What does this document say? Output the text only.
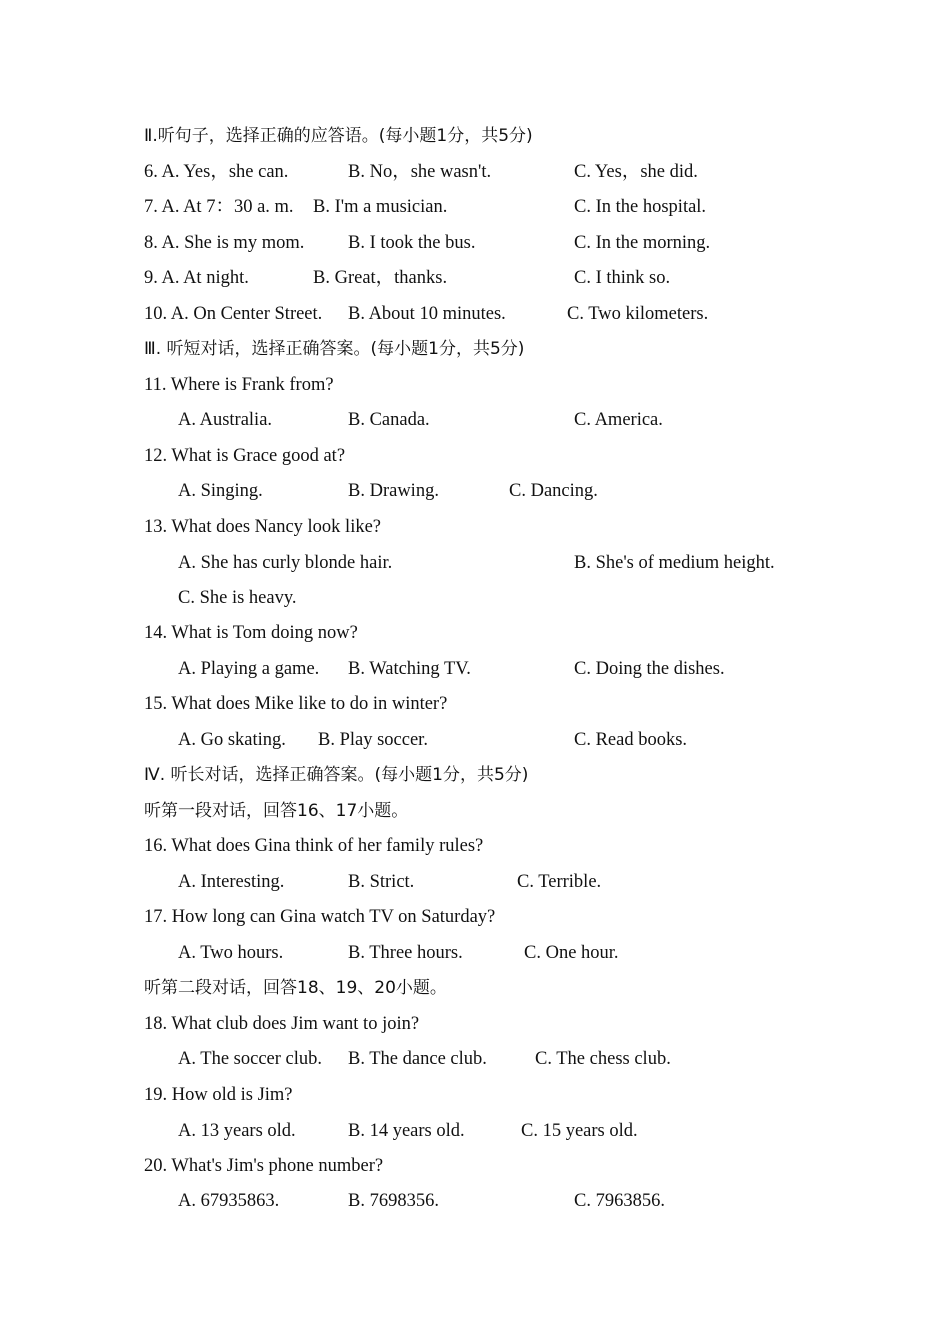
Ⅱ.听句子，选择正确的应答语。(每小题1分，共5分)
6. A. Yes，she can.	B. No，she wasn't.	C. Yes，she did.
7. A. At 7：30 a. m. B. I'm a musician.	C. In the hospital.
8. A. She is my mom. B. I took the bus.	C. In the morning.
9. A. At night.	B. Great，thanks.	C. I think so.
10. A. On Center Street. B. About 10 minutes.	C. Two kilometers.
Ⅲ. 听短对话，选择正确答案。(每小题1分，共5分)
11. Where is Frank from?
A. Australia.	B. Canada.	C. America.
12. What is Grace good at?
A. Singing.	B. Drawing.	C. Dancing.
13. What does Nancy look like?
A. She has curly blonde hair.	B. She's of medium height.
C. She is heavy.
14. What is Tom doing now?
A. Playing a game. B. Watching TV.	C. Doing the dishes.
15. What does Mike like to do in winter?
A. Go skating. B. Play soccer.	C. Read books.
Ⅳ. 听长对话，选择正确答案。(每小题1分，共5分)
听第一段对话，回答16、17小题。
16. What does Gina think of her family rules?
A. Interesting.	B. Strict.	C. Terrible.
17. How long can Gina watch TV on Saturday?
A. Two hours.	B. Three hours.	C. One hour.
听第二段对话，回答18、19、20小题。
18. What club does Jim want to join?
A. The soccer club. B. The dance club.	C. The chess club.
19. How old is Jim?
A. 13 years old.	B. 14 years old.	C. 15 years old.
20. What's Jim's phone number?
A. 67935863.	B. 7698356.	C. 7963856.
